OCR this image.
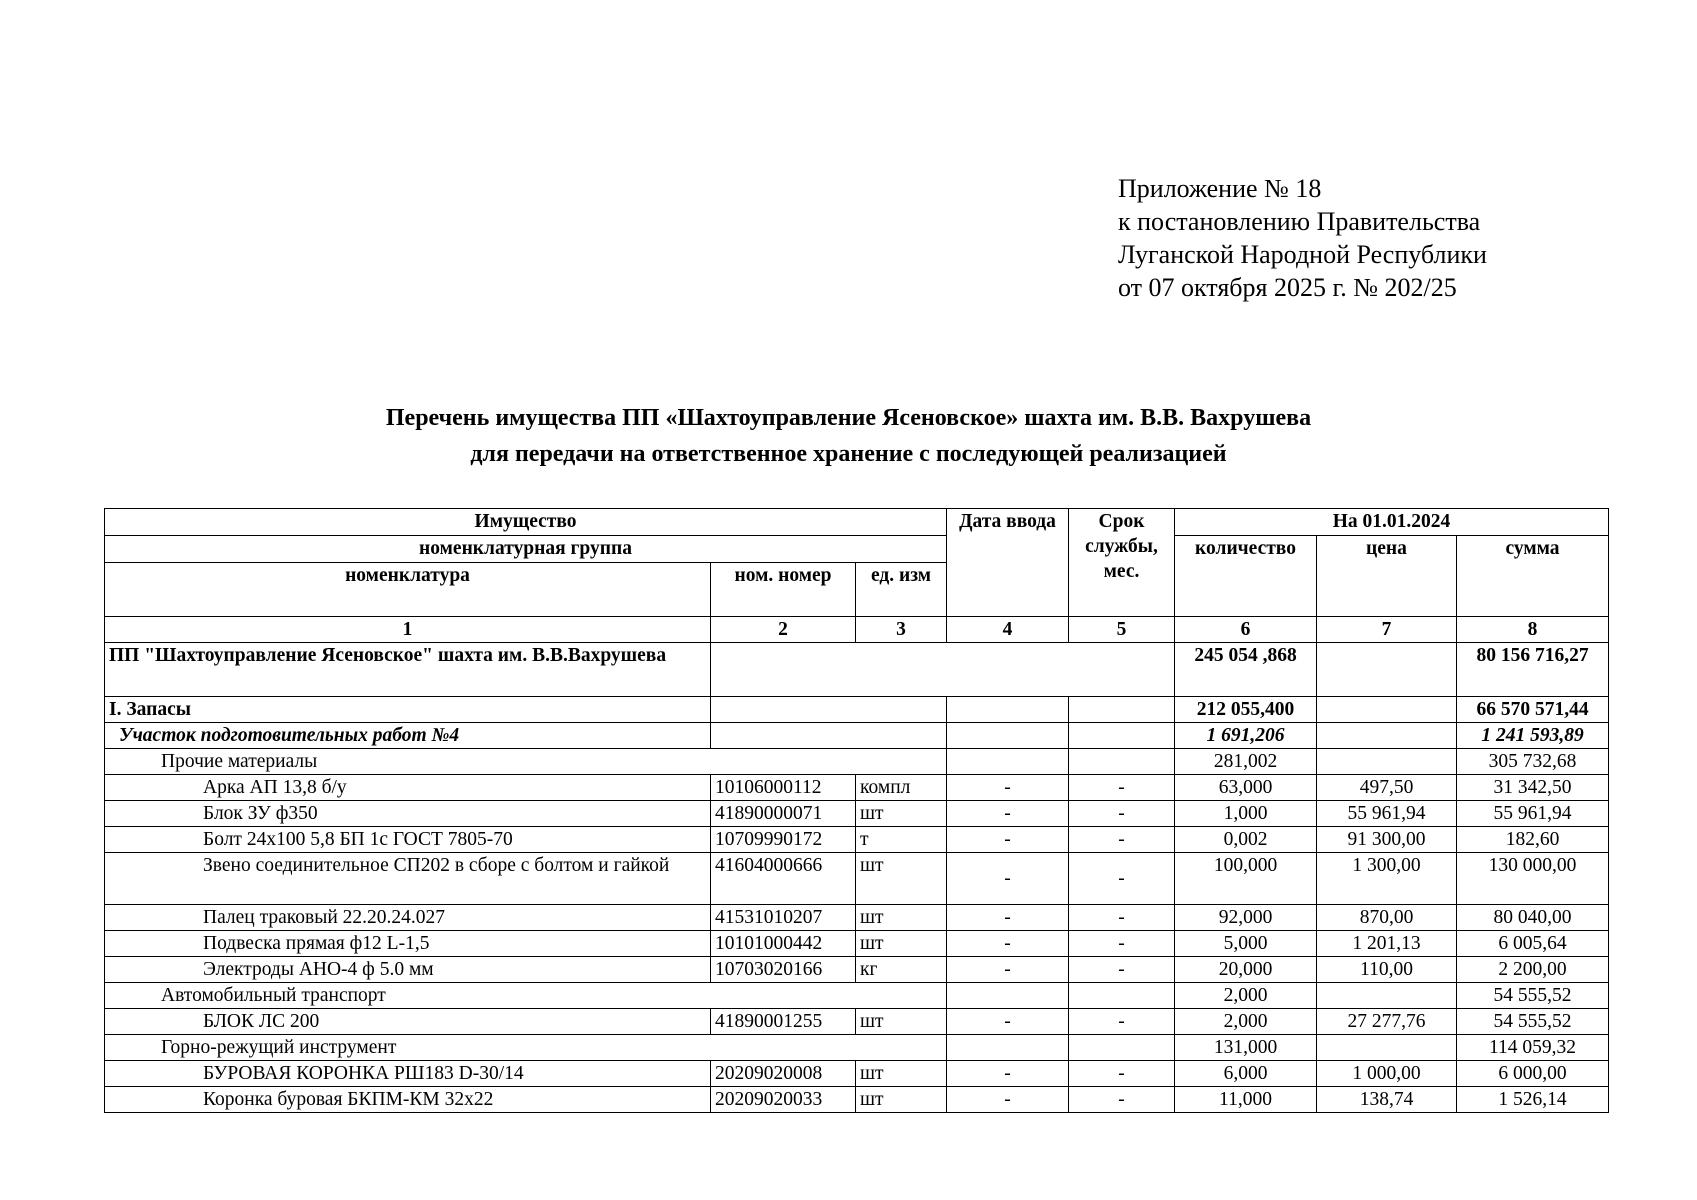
Приложение № 18
к постановлению Правительства
Луганской Народной Республики
от 07 октября 2025 г. № 202/25
Перечень имущества ПП «Шахтоуправление Ясеновское» шахта им. В.В. Вахрушева
для передачи на ответственное хранение с последующей реализацией
Имущество			Дата ввода	Срок службы, мес.	На 01.01.2024		
номенклатурная группа					количество	цена	сумма
номенклатура	ном. номер	ед. изм					
1	2	3	4	5	6	7	8
ПП "Шахтоуправление Ясеновское" шахта им. В.В.Вахрушева					245 054 ,868		80 156 716,27
I. Запасы					212 055,400		66 570 571,44
Участок подготовительных работ №4					1 691,206		1 241 593,89
Прочие материалы					281,002		305 732,68
Арка АП 13,8 б/у	10106000112	компл	-	-	63,000	497,50	31 342,50
Блок ЗУ ф350	41890000071	шт	-	-	1,000	55 961,94	55 961,94
Болт 24х100 5,8 БП 1с ГОСТ 7805-70	10709990172	т	-	-	0,002	91 300,00	182,60
Звено соединительное СП202 в сборе с болтом и гайкой	41604000666	шт	-	-	100,000	1 300,00	130 000,00
Палец траковый 22.20.24.027	41531010207	шт	-	-	92,000	870,00	80 040,00
Подвеска прямая ф12 L-1,5	10101000442	шт	-	-	5,000	1 201,13	6 005,64
Электроды АНО-4 ф 5.0 мм	10703020166	кг	-	-	20,000	110,00	2 200,00
Автомобильный транспорт					2,000		54 555,52
БЛОК ЛС 200	41890001255	шт	-	-	2,000	27 277,76	54 555,52
Горно-режущий инструмент					131,000		114 059,32
БУРОВАЯ КОРОНКА РШ183 D-30/14	20209020008	шт	-	-	6,000	1 000,00	6 000,00
Коронка буровая БКПМ-КМ 32х22	20209020033	шт	-	-	11,000	138,74	1 526,14
